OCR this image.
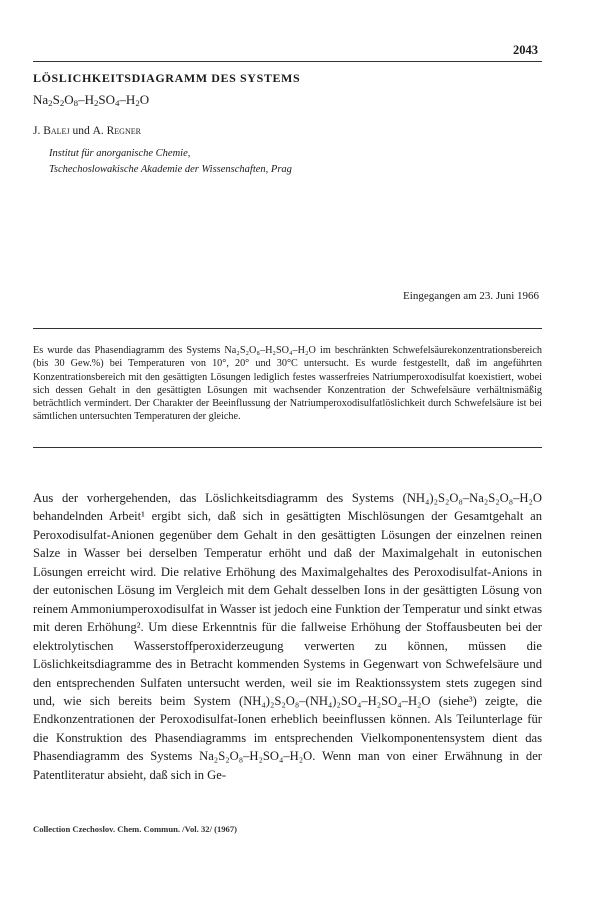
2043
LÖSLICHKEITSDIAGRAMM DES SYSTEMS
$Na_2S_2O_8-H_2SO_4-H_2O$
J. Balej und A. Regner
Institut für anorganische Chemie,
Tschechoslowakische Akademie der Wissenschaften, Prag
Eingegangen am 23. Juni 1966
Es wurde das Phasendiagramm des Systems Na₂S₂O₈–H₂SO₄–H₂O im beschränkten Schwefelsäurekonzentrationsbereich (bis 30 Gew.%) bei Temperaturen von 10°, 20° und 30°C untersucht. Es wurde festgestellt, daß im angeführten Konzentrationsbereich mit den gesättigten Lösungen lediglich festes wasserfreies Natriumperoxodisulfat koexistiert, wobei sich dessen Gehalt in den gesättigten Lösungen mit wachsender Konzentration der Schwefelsäure verhältnismäßig beträchtlich vermindert. Der Charakter der Beeinflussung der Natriumperoxodisulfatlöslichkeit durch Schwefelsäure ist bei sämtlichen untersuchten Temperaturen der gleiche.
Aus der vorhergehenden, das Löslichkeitsdiagramm des Systems (NH₄)₂S₂O₈–Na₂S₂O₈–H₂O behandelnden Arbeit¹ ergibt sich, daß sich in gesättigten Mischlösungen der Gesamtgehalt an Peroxodisulfat-Anionen gegenüber dem Gehalt in den gesättigten Lösungen der einzelnen reinen Salze in Wasser bei derselben Temperatur erhöht und daß der Maximalgehalt in eutonischen Lösungen erreicht wird. Die relative Erhöhung des Maximalgehaltes des Peroxodisulfat-Anions in der eutonischen Lösung im Vergleich mit dem Gehalt desselben Ions in der gesättigten Lösung von reinem Ammoniumperoxodisulfat in Wasser ist jedoch eine Funktion der Temperatur und sinkt etwas mit deren Erhöhung². Um diese Erkenntnis für die fallweise Erhöhung der Stoffausbeuten bei der elektrolytischen Wasserstoffperoxiderzeugung verwerten zu können, müssen die Löslichkeitsdiagramme des in Betracht kommenden Systems in Gegenwart von Schwefelsäure und den entsprechenden Sulfaten untersucht werden, weil sie im Reaktionssystem stets zugegen sind und, wie sich bereits beim System (NH₄)₂S₂O₈–(NH₄)₂SO₄–H₂SO₄–H₂O (siehe³) zeigte, die Endkonzentrationen der Peroxodisulfat-Ionen erheblich beeinflussen können. Als Teilunterlage für die Konstruktion des Phasendiagramms im entsprechenden Vielkomponentensystem dient das Phasendiagramm des Systems Na₂S₂O₈–H₂SO₄–H₂O. Wenn man von einer Erwähnung in der Patentliteratur absieht, daß sich in Ge-
Collection Czechoslov. Chem. Commun. /Vol. 32/ (1967)
